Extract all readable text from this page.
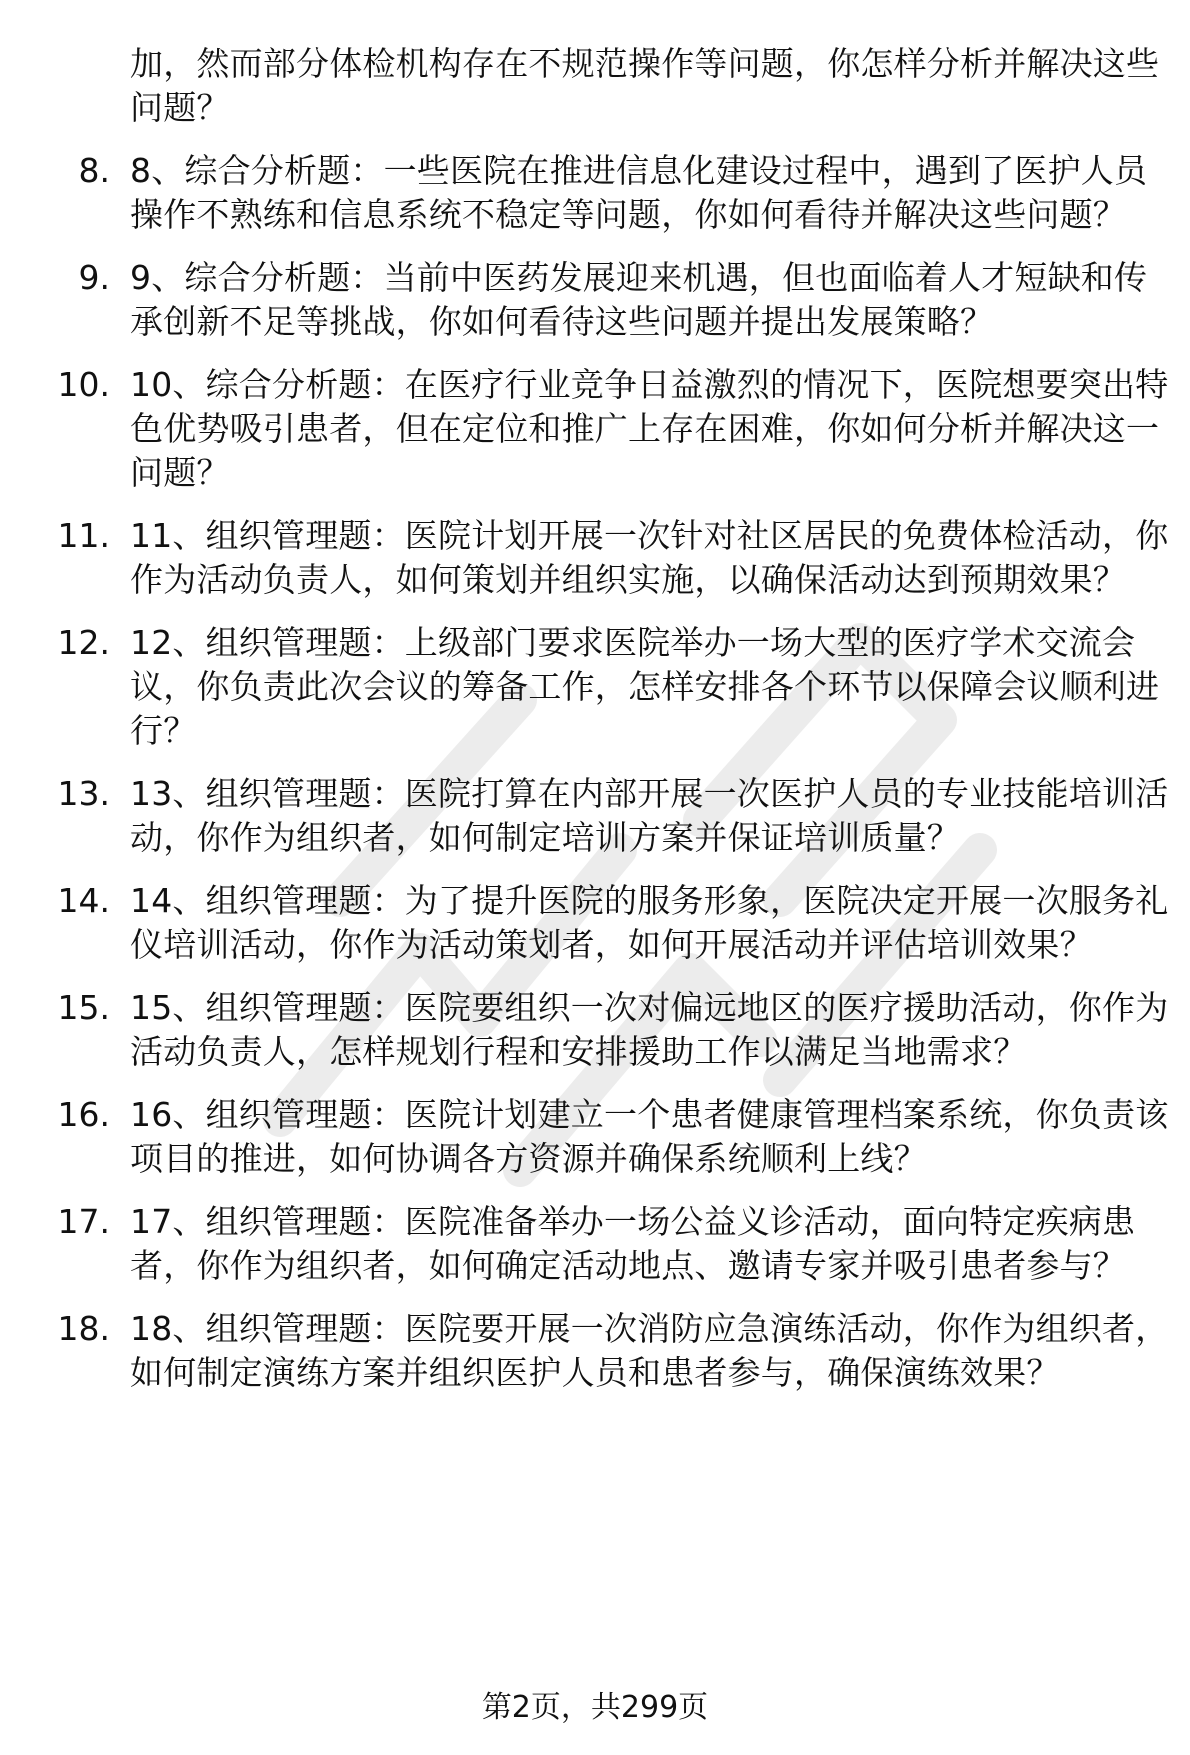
加，然而部分体检机构存在不规范操作等问题，你怎样分析并解决这些问题？
8. 8、综合分析题：一些医院在推进信息化建设过程中，遇到了医护人员操作不熟练和信息系统不稳定等问题，你如何看待并解决这些问题？
9. 9、综合分析题：当前中医药发展迎来机遇，但也面临着人才短缺和传承创新不足等挑战，你如何看待这些问题并提出发展策略？
10. 10、综合分析题：在医疗行业竞争日益激烈的情况下，医院想要突出特色优势吸引患者，但在定位和推广上存在困难，你如何分析并解决这一问题？
11. 11、组织管理题：医院计划开展一次针对社区居民的免费体检活动，你作为活动负责人，如何策划并组织实施，以确保活动达到预期效果？
12. 12、组织管理题：上级部门要求医院举办一场大型的医疗学术交流会议，你负责此次会议的筹备工作，怎样安排各个环节以保障会议顺利进行？
13. 13、组织管理题：医院打算在内部开展一次医护人员的专业技能培训活动，你作为组织者，如何制定培训方案并保证培训质量？
14. 14、组织管理题：为了提升医院的服务形象，医院决定开展一次服务礼仪培训活动，你作为活动策划者，如何开展活动并评估培训效果？
15. 15、组织管理题：医院要组织一次对偏远地区的医疗援助活动，你作为活动负责人，怎样规划行程和安排援助工作以满足当地需求？
16. 16、组织管理题：医院计划建立一个患者健康管理档案系统，你负责该项目的推进，如何协调各方资源并确保系统顺利上线？
17. 17、组织管理题：医院准备举办一场公益义诊活动，面向特定疾病患者，你作为组织者，如何确定活动地点、邀请专家并吸引患者参与？
18. 18、组织管理题：医院要开展一次消防应急演练活动，你作为组织者，如何制定演练方案并组织医护人员和患者参与，确保演练效果？
第2页，共299页
